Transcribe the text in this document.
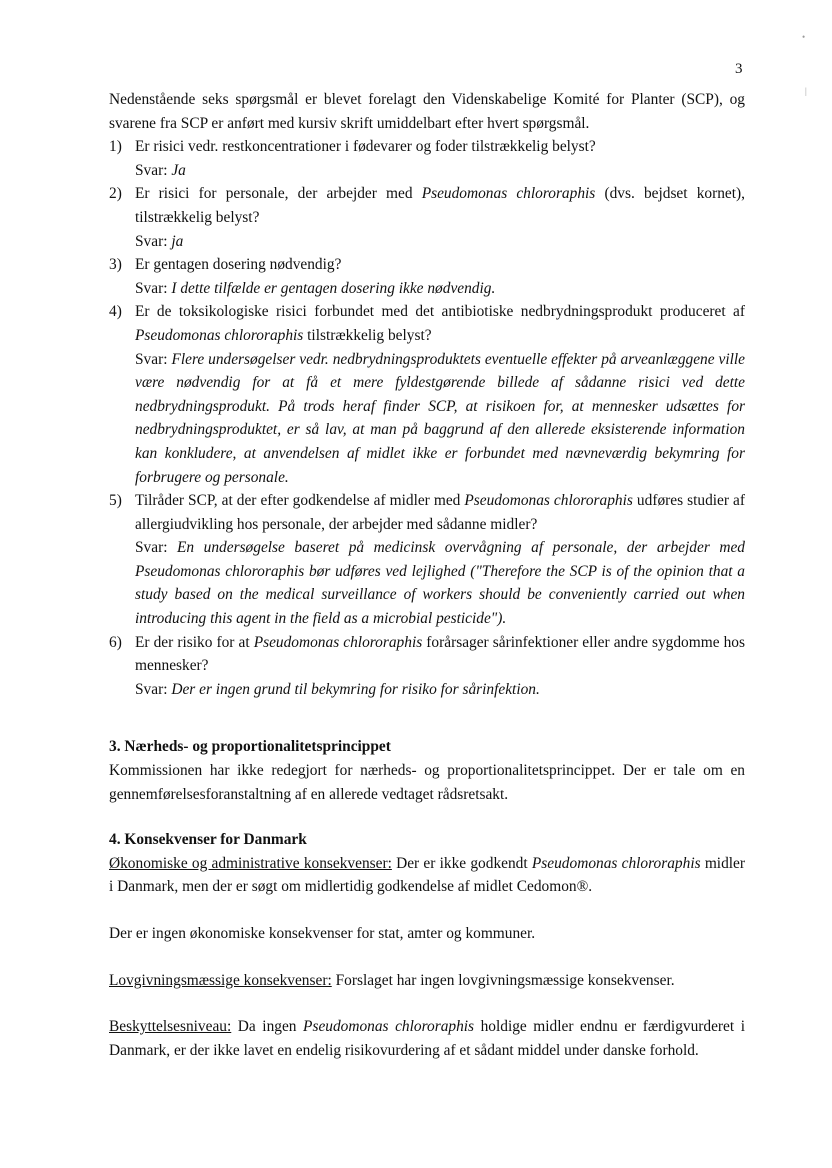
3
•
|

Nedenstående seks spørgsmål er blevet forelagt den Videnskabelige Komité for Planter (SCP), og svarene fra SCP er anført med kursiv skrift umiddelbart efter hvert spørgsmål.

1) Er risici vedr. restkoncentrationer i fødevarer og foder tilstrækkelig belyst?
Svar: Ja
2) Er risici for personale, der arbejder med Pseudomonas chlororaphis (dvs. bejdset kornet), tilstrækkelig belyst?
Svar: ja
3) Er gentagen dosering nødvendig?
Svar: I dette tilfælde er gentagen dosering ikke nødvendig.
4) Er de toksikologiske risici forbundet med det antibiotiske nedbrydningsprodukt produceret af Pseudomonas chlororaphis tilstrækkelig belyst?
Svar: Flere undersøgelser vedr. nedbrydningsproduktets eventuelle effekter på arveanlæggene ville være nødvendig for at få et mere fyldestgørende billede af sådanne risici ved dette nedbrydningsprodukt. På trods heraf finder SCP, at risikoen for, at mennesker udsættes for nedbrydningsproduktet, er så lav, at man på baggrund af den allerede eksisterende information kan konkludere, at anvendelsen af midlet ikke er forbundet med nævneværdig bekymring for forbrugere og personale.
5) Tilråder SCP, at der efter godkendelse af midler med Pseudomonas chlororaphis udføres studier af allergiudvikling hos personale, der arbejder med sådanne midler?
Svar: En undersøgelse baseret på medicinsk overvågning af personale, der arbejder med Pseudomonas chlororaphis bør udføres ved lejlighed ("Therefore the SCP is of the opinion that a study based on the medical surveillance of workers should be conveniently carried out when introducing this agent in the field as a microbial pesticide").
6) Er der risiko for at Pseudomonas chlororaphis forårsager sårinfektioner eller andre sygdomme hos mennesker?
Svar: Der er ingen grund til bekymring for risiko for sårinfektion.

3. Nærheds- og proportionalitetsprincippet

Kommissionen har ikke redegjort for nærheds- og proportionalitetsprincippet. Der er tale om en gennemførelsesforanstaltning af en allerede vedtaget rådsretsakt.

4. Konsekvenser for Danmark

Økonomiske og administrative konsekvenser: Der er ikke godkendt Pseudomonas chlororaphis midler i Danmark, men der er søgt om midlertidig godkendelse af midlet Cedomon®.

Der er ingen økonomiske konsekvenser for stat, amter og kommuner.

Lovgivningsmæssige konsekvenser: Forslaget har ingen lovgivningsmæssige konsekvenser.

Beskyttelsesniveau: Da ingen Pseudomonas chlororaphis holdige midler endnu er færdigvurderet i Danmark, er der ikke lavet en endelig risikovurdering af et sådant middel under danske forhold.
